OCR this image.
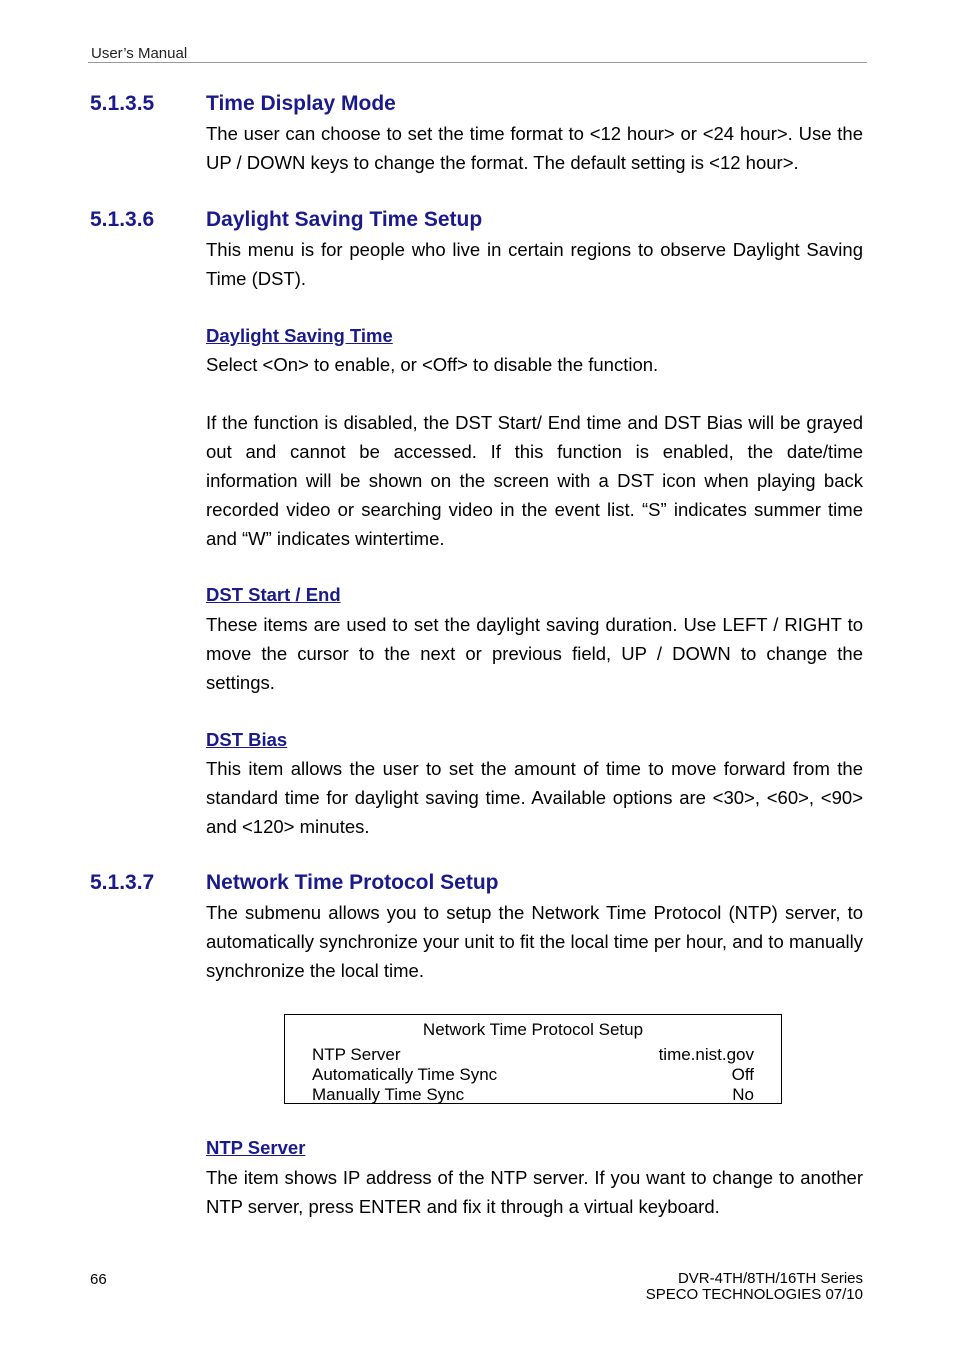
User’s Manual
5.1.3.5 Time Display Mode
The user can choose to set the time format to <12 hour> or <24 hour>. Use the UP / DOWN keys to change the format. The default setting is <12 hour>.
5.1.3.6 Daylight Saving Time Setup
This menu is for people who live in certain regions to observe Daylight Saving Time (DST).
Daylight Saving Time
Select <On> to enable, or <Off> to disable the function.
If the function is disabled, the DST Start/ End time and DST Bias will be grayed out and cannot be accessed. If this function is enabled, the date/time information will be shown on the screen with a DST icon when playing back recorded video or searching video in the event list. “S” indicates summer time and “W” indicates wintertime.
DST Start / End
These items are used to set the daylight saving duration. Use LEFT / RIGHT to move the cursor to the next or previous field, UP / DOWN to change the settings.
DST Bias
This item allows the user to set the amount of time to move forward from the standard time for daylight saving time. Available options are <30>, <60>, <90> and <120> minutes.
5.1.3.7 Network Time Protocol Setup
The submenu allows you to setup the Network Time Protocol (NTP) server, to automatically synchronize your unit to fit the local time per hour, and to manually synchronize the local time.
Network Time Protocol Setup
NTP Server	time.nist.gov
Automatically Time Sync	Off
Manually Time Sync	No
NTP Server
The item shows IP address of the NTP server. If you want to change to another NTP server, press ENTER and fix it through a virtual keyboard.
66	DVR-4TH/8TH/16TH Series
SPECO TECHNOLOGIES 07/10
